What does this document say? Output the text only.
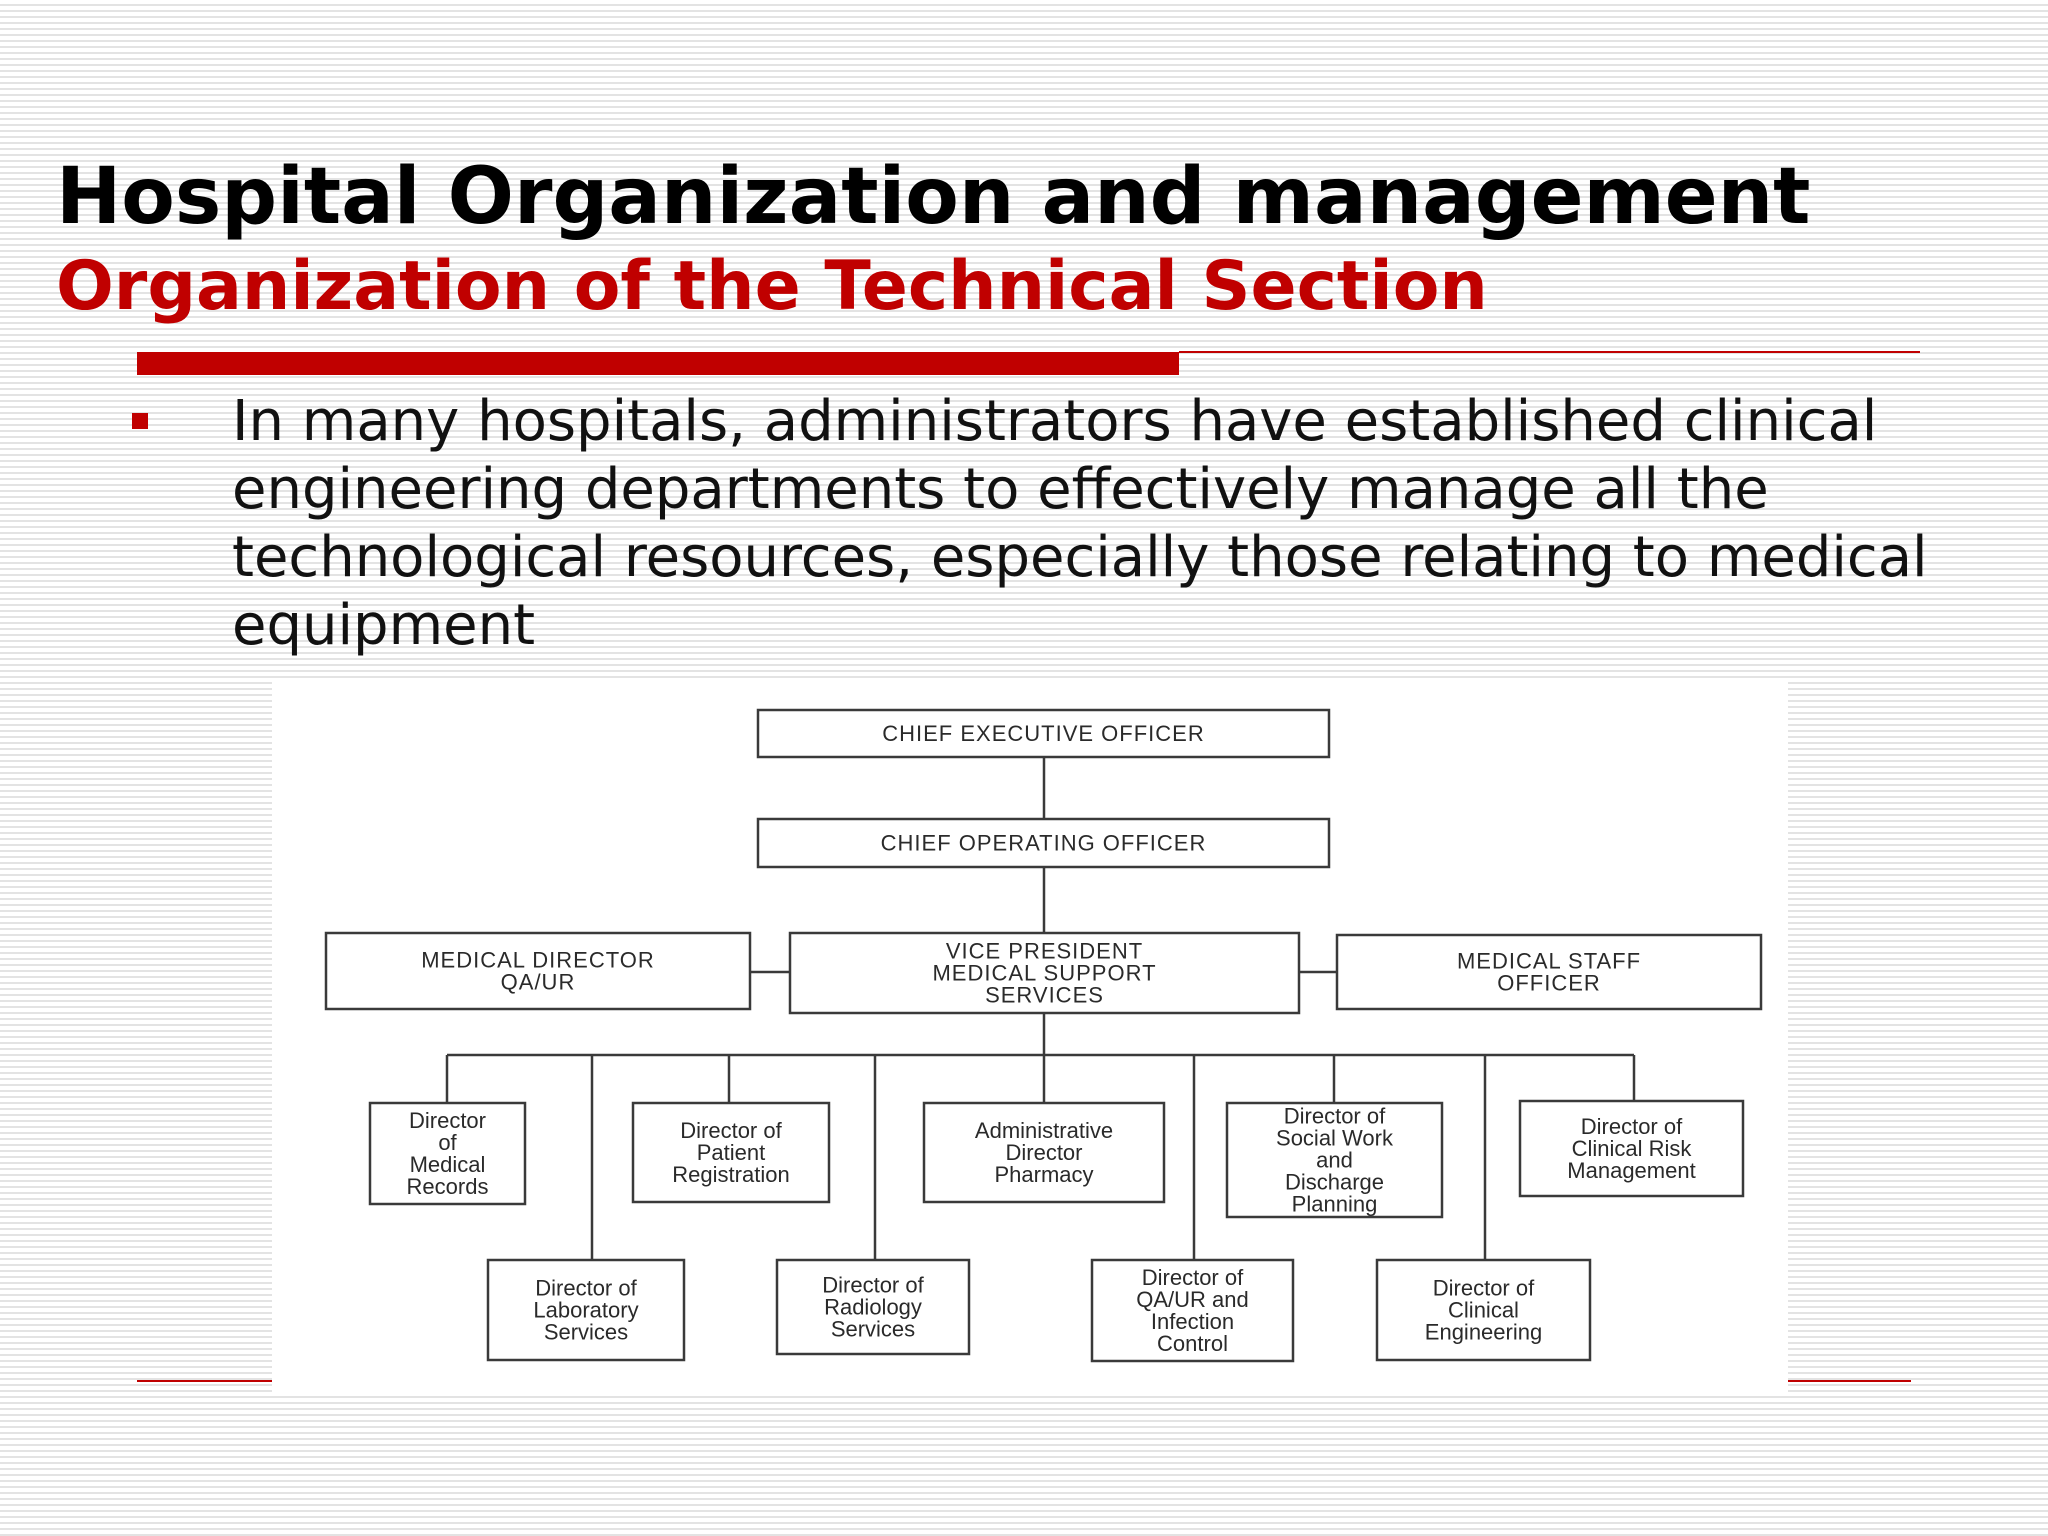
Hospital Organization and management
Organization of the Technical Section

In many hospitals, administrators have established clinical engineering departments to effectively manage all the technological resources, especially those relating to medical equipment

CHIEF EXECUTIVE OFFICER
CHIEF OPERATING OFFICER
MEDICAL DIRECTOR
QA/UR
VICE PRESIDENT
MEDICAL SUPPORT
SERVICES
MEDICAL STAFF
OFFICER
Director
of
Medical
Records
Director of
Patient
Registration
Administrative
Director
Pharmacy
Director of
Social Work
and
Discharge
Planning
Director of
Clinical Risk
Management
Director of
Laboratory
Services
Director of
Radiology
Services
Director of
QA/UR and
Infection
Control
Director of
Clinical
Engineering
